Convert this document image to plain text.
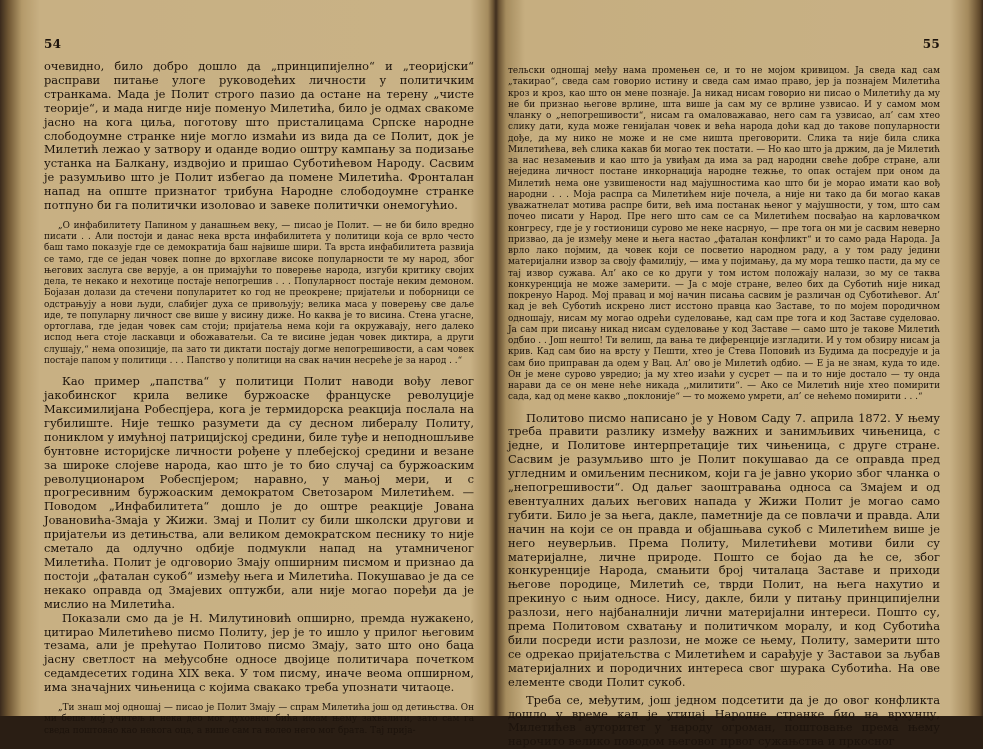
54

очевидно, било добро дошло да „принципијелно“ и „теоријски“ расправи питање улоге руководећих личности у политичким странкама. Мада је Полит строго пазио да остане на терену „чисте теорије“, и мада нигде није поменуо Милетића, било је одмах свакоме јасно на кога циља, поготову што присталицама Српске народне слободоумне странке није могло измаћи из вида да се Полит, док је Милетић лежао у затвору и оданде водио оштру кампању за подизање устанка на Балкану, издвојио и пришао Суботићевом Народу. Сасвим је разумљиво што је Полит избегао да помене Милетића. Фронталан напад на опште признатог трибуна Народне слободоумне странке потпуно би га политички изоловао и завеке политички онемогућио.

„О инфабилитету Папином у данашњем веку, — писао је Полит. — не би било вредно писати . . Али постоји и данас нека врста инфабилитета у политици која се врло често баш тамо показује где се демократија баш највише шири. Та врста инфабилитета развија се тамо, где се један човек попне до врхоглаве високе популарности те му народ, због његових заслуга све верује, а он примајући то поверење народа, изгуби критику својих дела, те некако и нехотице постаје непогрешив . . . Популарност постаје неким демоном. Бојазан долази да стечени популаритет ко год не преокрене; пријатељи и поборници се одстрањују а нови људи, слабијег духа се привољују; велика маса у поверењу све даље иде, те популарну личност све више у висину диже. Но каква је то висина. Стена угасне, ортоглава, где један човек сам стоји; пријатеља нема који га окружавају, него далеко испод њега стоје ласкавци и обожаватељи. Са те висине један човек диктира, а други слушају,“ нема опозиције, па зато ти диктати постају догме непогрешивости, а сам човек постаје папом у политици . . . Папство у политици на свак начин несреће је за народ . .“

Као пример „папства“ у политици Полит наводи вођу левог јакобинског крила велике буржоаске француске револуције Максимилијана Робеспјера, кога је термидорска реакција послала на губилиште. Није тешко разумети да су десном либералу Политу, пониклом у имућној патрицијској средини, биле туђе и неподношљиве бунтовне историјске личности рођене у плебејској средини и везане за широке слојеве народа, као што је то био случај са буржоаским револуционаром Робеспјером; наравно, у мањој мери, и с прогресивним буржоаским демократом Светозаром Милетићем. — Поводом „Инфабилитета“ дошло је до оштре реакције Јована Јовановића-Змаја у Жижи. Змај и Полит су били школски другови и пријатељи из детињства, али великом демократском песнику то није сметало да одлучно одбије подмукли напад на утамниченог Милетића. Полит је одговорио Змају опширним писмом и признао да постоји „фаталан сукоб“ између њега и Милетића. Покушавао је да се некако оправда од Змајевих оптужби, али није могао поређи да је мислио на Милетића.

Показали смо да је Н. Милутиновић опширно, премда нужакено, цитирао Милетићево писмо Политу, јер је то ишло у прилог његовим тезама, али је прећутао Политово писмо Змају, зато што оно баца јасну светлост на међусобне односе двојице политичара почетком седамдесетих година XIX века. У том писму, иначе веома опширном, има значајних чињеница с којима свакако треба упознати читаоце.

„Ти знаш мој однoшај — писао је Полит Змају — спрам Милетића још од детињства. Он ми беше мој учитељ и нека део мог духовног бића имам њему захвалити, зато сам га сведа поштовао као некогa оца, а више сам га волео него мог брата. Тај прија-

55

тельски однoшај међу нама промењен се, и то не мојом кривицом. Ја сведа кад сам „такирао“, сведа сам говорио истину и сведа сам имао право, јер ја познајем Милетића кроз и кроз, као што он мене познаје. Ја никад нисам говорио ни писао о Милетићу да му не би признао његове врлине, шта више ја сам му се врлине узвисао. И у самом мом чланку о „непогрешивости“, нисам га омаловажавао, него сам га узвисао, ал’ сам хтео слику дати, куда може генијалан човек и већа народа доћи кад до такове популарности дође, да му нико не може и не сме ништа преговорити. Слика та није била слика Милетићева, већ слика какав би могао тек постати. — Но као што ја држим, да је Милетић за нас незамењив и као што ја увиђам да има за рад народни свеће добре стране, али неједина личност постане инкорнација народне тежње, то опак остајем при оном да Милетић нема оне узвишености над мајушностима као што би је морао имати као вођ народни . . . Моја распра са Милетићем није почела, а није ни тако да би могао какав уважатнелат мотива распре бити, већ има постанак њеног у мајушности, у том, што сам почео писати у Народ. Пре него што сам се са Милетићем посвађао на карловачком конгресу, где је у гостионици сурово ме неке насрнуо, — пре тога он ми је сасвим неверно призвао, да је између мене и њега настао „фаталан конфликт“ и то само рада Народа. Ја врло лако појмим, да човек који се посветио народном раду, а у том раду једини материјални извор за своју фамилију, — има у појимању, да му мора тешко пасти, да му се тај извор сужава. Ал’ ако се ко други у том истом положају налази, зо му се таква конкуренција не може замерити. — Ја с моје стране, велео бих да Суботић није никад покренуо Народ. Мој правац и мој начин писања сасвим је различан од Суботићевог. Ал’ кад је већ Суботић искрено лист исстоно правца као Заставе, то по мојем породичном однoшају, нисам му могао одрећи суделовање, кад сам пре тога и код Заставе суделовао. Ја сам при писању никад нисам суделовање у код Заставе — само што је такове Милетић одбио . . Још нешто! Ти велиш, да вања те диференције изгладити. И у том обзиру нисам ја крив. Кад сам био на врсту у Пешти, хтео је Стева Поповић из Будима да посредује и ја сам био приправан да одем у Вац. Ал’ ово је Милетић одбио. — Е ја не знам, куда то иде. Он је мене сурово увредио; ја му хтео изаћи у сусрет — па и то није досталo — ту онда нарави да се он мене неће никада ,,милитити“. — Ако се Милетић није хтео помирити сада, кад од мене какво „поклоније“ — то можемо умрети, ал’ се нећемо помирити . . .“

Политово писмо написано је у Новом Саду 7. априла 1872. У њему треба правити разлику између важних и занимљивих чињеница, с једне, и Политове интерпретације тих чињеница, с друге стране. Сасвим је разумљиво што је Полит покушавао да се оправда пред угледним и омиљеним песником, који га је јавно укорио због чланка о „непогрешивости“. Од даљег заоштравања односа са Змајем и од евентуалних даљих његових напада у Жижи Полит је могао само губити. Било је за њега, дакле, паметније да се повлачи и правда. Али начин на који се он правда и објашњава сукоб с Милетићем више је него неуверљив. Према Политу, Милетићеви мотиви били су материјалне, личне природе. Пошто се бојао да ће се, због конкуренције Народа, смањити број читалаца Заставе и приходи његове породице, Милетић се, тврди Полит, на њега нахутио и прекинуо с њим односе. Нису, дакле, били у питању принципијелни разлози, него најбаналнији лични материјални интереси. Пошто су, према Политовом схватању и политичком моралу, и код Суботића били посреди исти разлози, не може се њему, Политу, замерити што се одрекао пријатељства с Милетићем и сарађује у Заставои за љубав материјалних и породичних интереса свог шурака Суботића. На ове елементе своди Полит сукоб.

Треба се, међутим, још једном подсетити да је до овог конфликта дошло у време кад је утицај Народне странке био на врхунцу, Милетићев ауторитет у народу огроман, поштовање према њему нарочито велико поводом његовог првог сужањства и пркосног
